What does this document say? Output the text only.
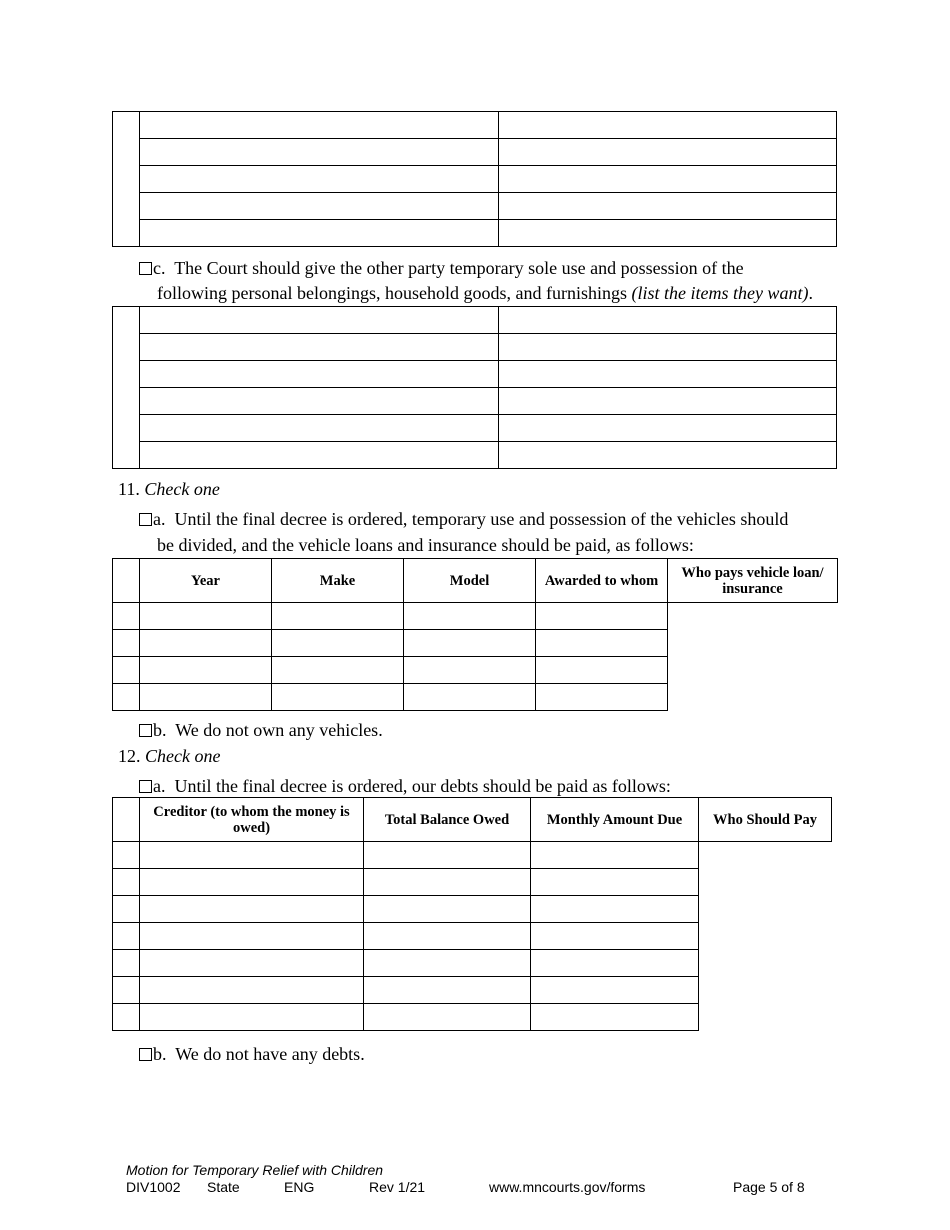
c. The Court should give the other party temporary sole use and possession of the
following personal belongings, household goods, and furnishings (list the items they want).

11. Check one
a. Until the final decree is ordered, temporary use and possession of the vehicles should
be divided, and the vehicle loans and insurance should be paid, as follows:
	Year	Make	Model	Awarded to whom	Who pays vehicle loan/ insurance

b. We do not own any vehicles.
12. Check one
a. Until the final decree is ordered, our debts should be paid as follows:
	Creditor (to whom the money is owed)	Total Balance Owed	Monthly Amount Due	Who Should Pay

b. We do not have any debts.
Motion for Temporary Relief with Children
DIV1002 State	ENG	Rev 1/21	www.mncourts.gov/forms	Page 5 of 8
